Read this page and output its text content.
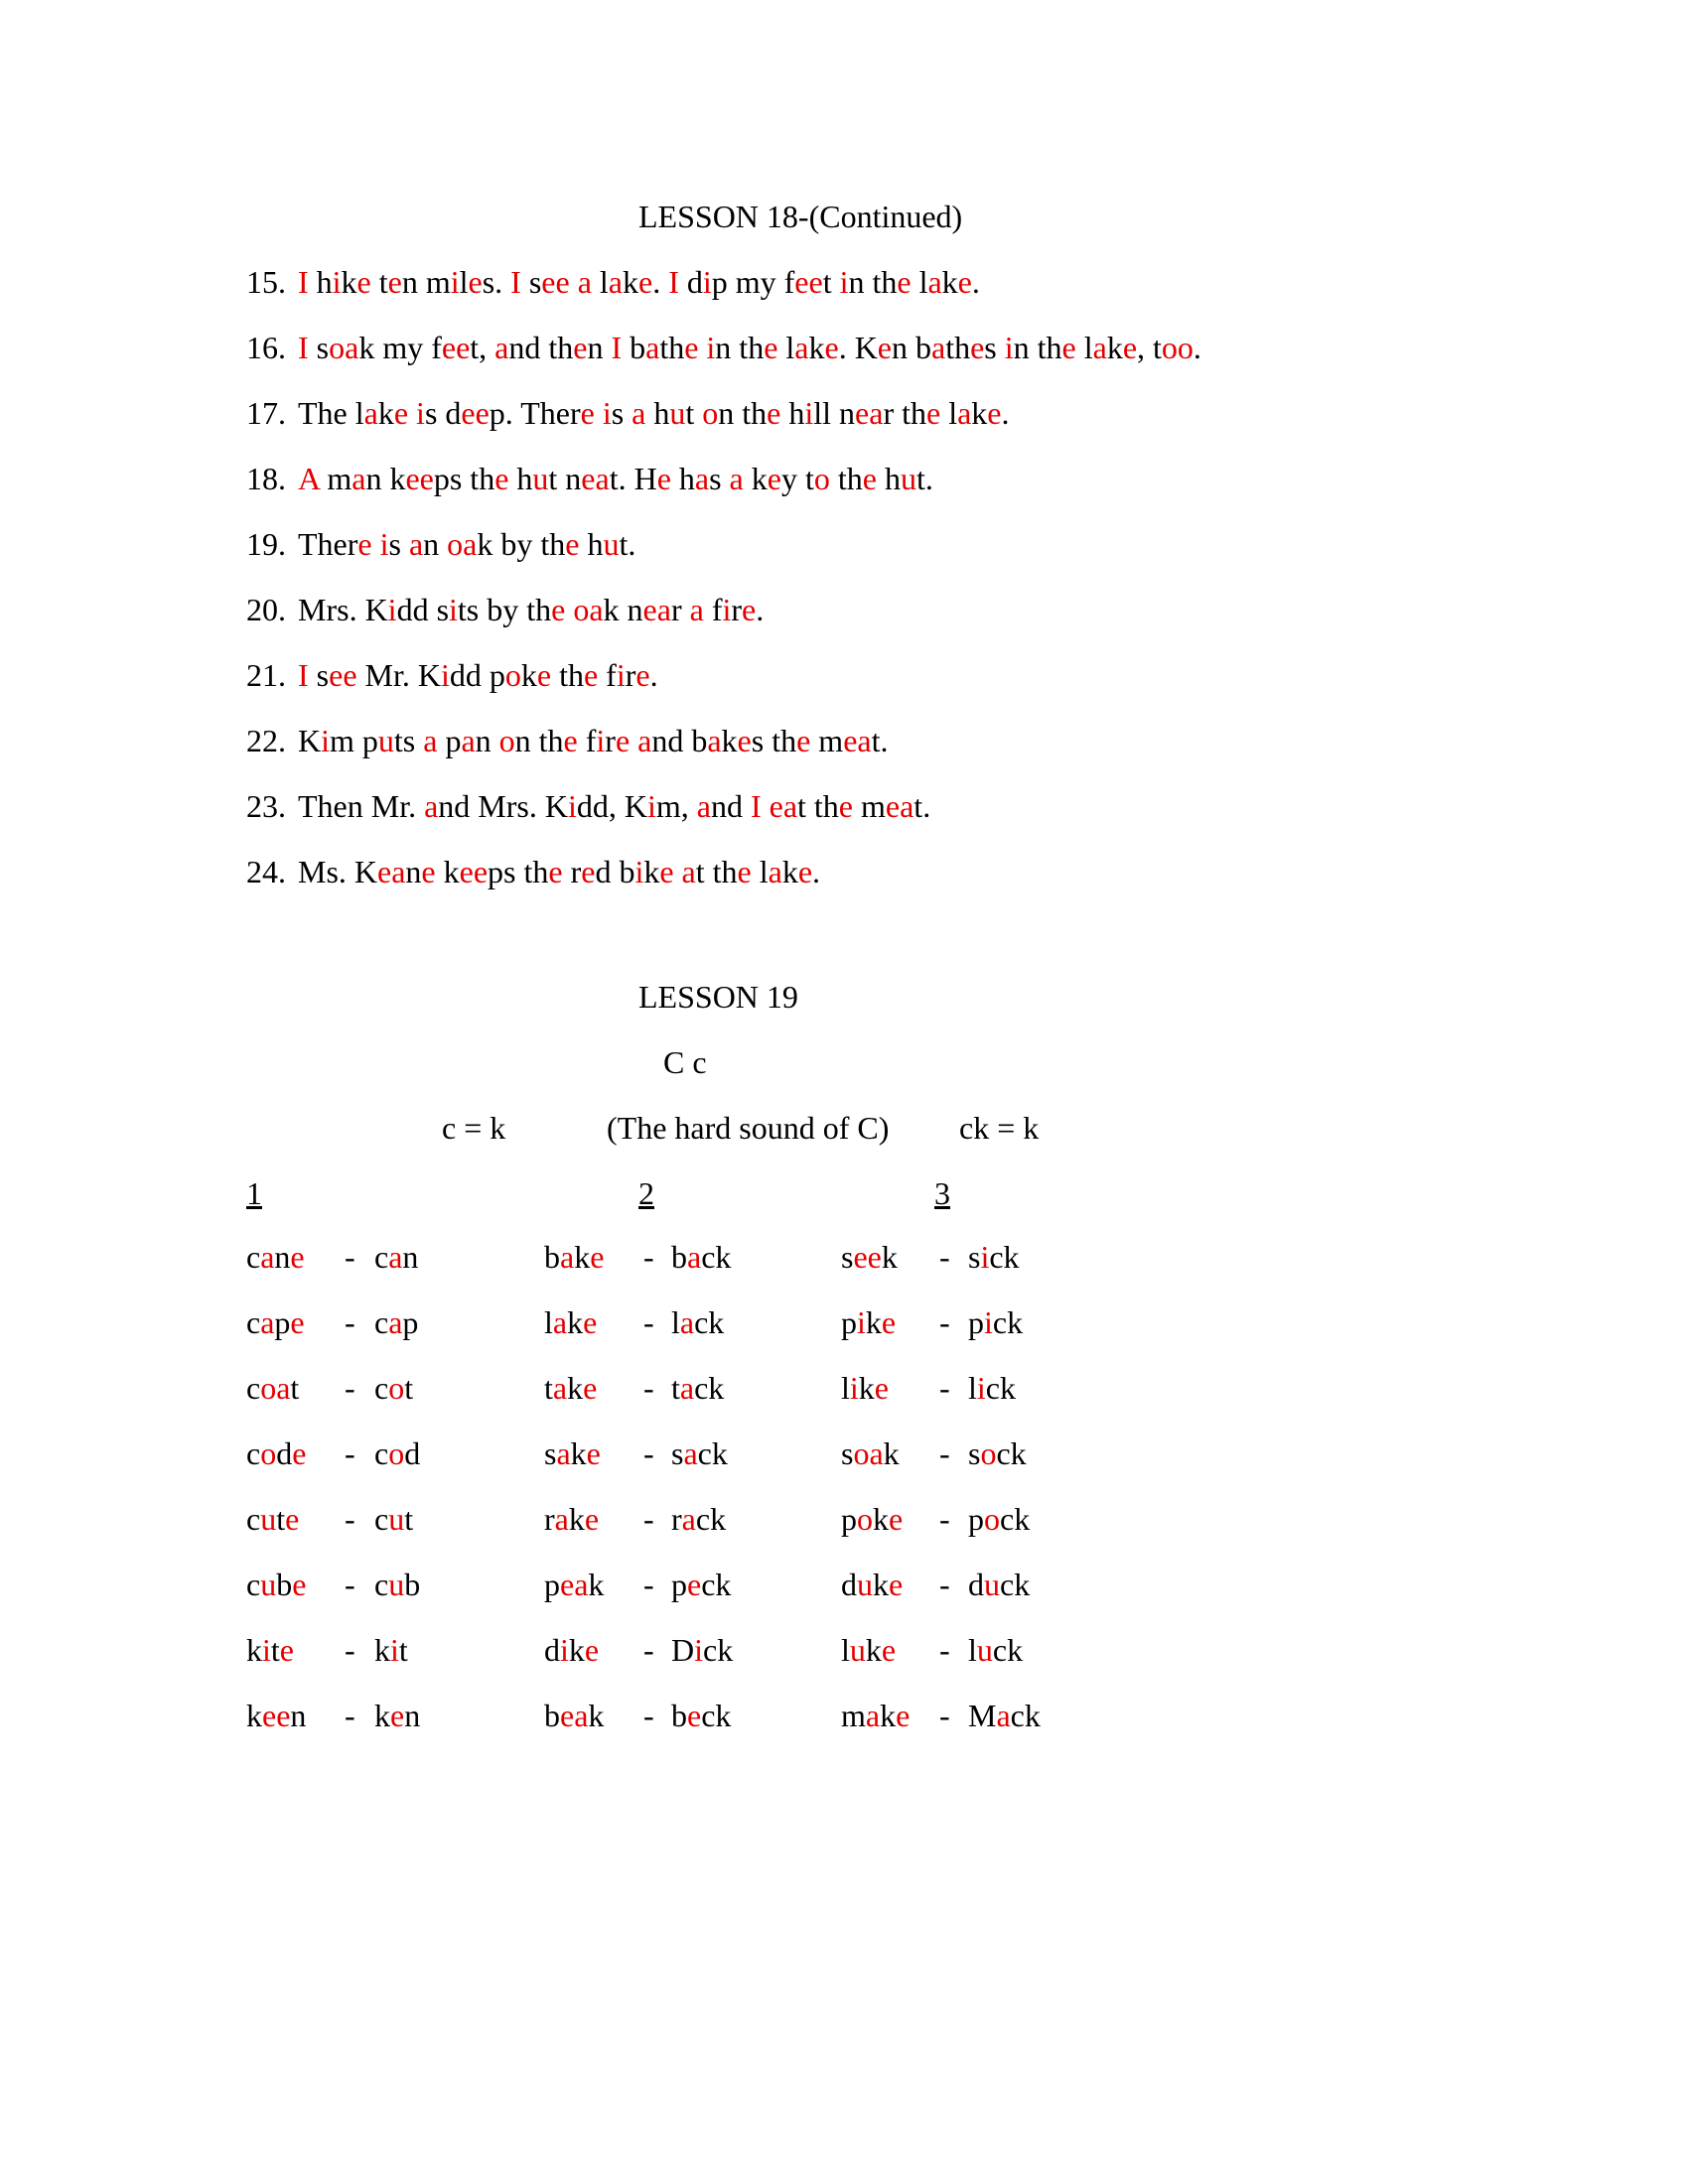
LESSON 18-(Continued)
15. I hike ten miles. I see a lake. I dip my feet in the lake.
16. I soak my feet, and then I bathe in the lake. Ken bathes in the lake, too.
17. The lake is deep. There is a hut on the hill near the lake.
18. A man keeps the hut neat. He has a key to the hut.
19. There is an oak by the hut.
20. Mrs. Kidd sits by the oak near a fire.
21. I see Mr. Kidd poke the fire.
22. Kim puts a pan on the fire and bakes the meat.
23. Then Mr. and Mrs. Kidd, Kim, and I eat the meat.
24. Ms. Keane keeps the red bike at the lake.
LESSON 19
C c
c = k	(The hard sound of C) ck = k
1	2	3
cane - can	bake - back	seek - sick
cape - cap	lake - lack	pike - pick
coat - cot	take - tack	like - lick
code - cod	sake - sack	soak - sock
cute - cut	rake - rack	poke - pock
cube - cub	peak - peck	duke - duck
kite - kit	dike - Dick	luke - luck
keen - ken	beak - beck	make - Mack
